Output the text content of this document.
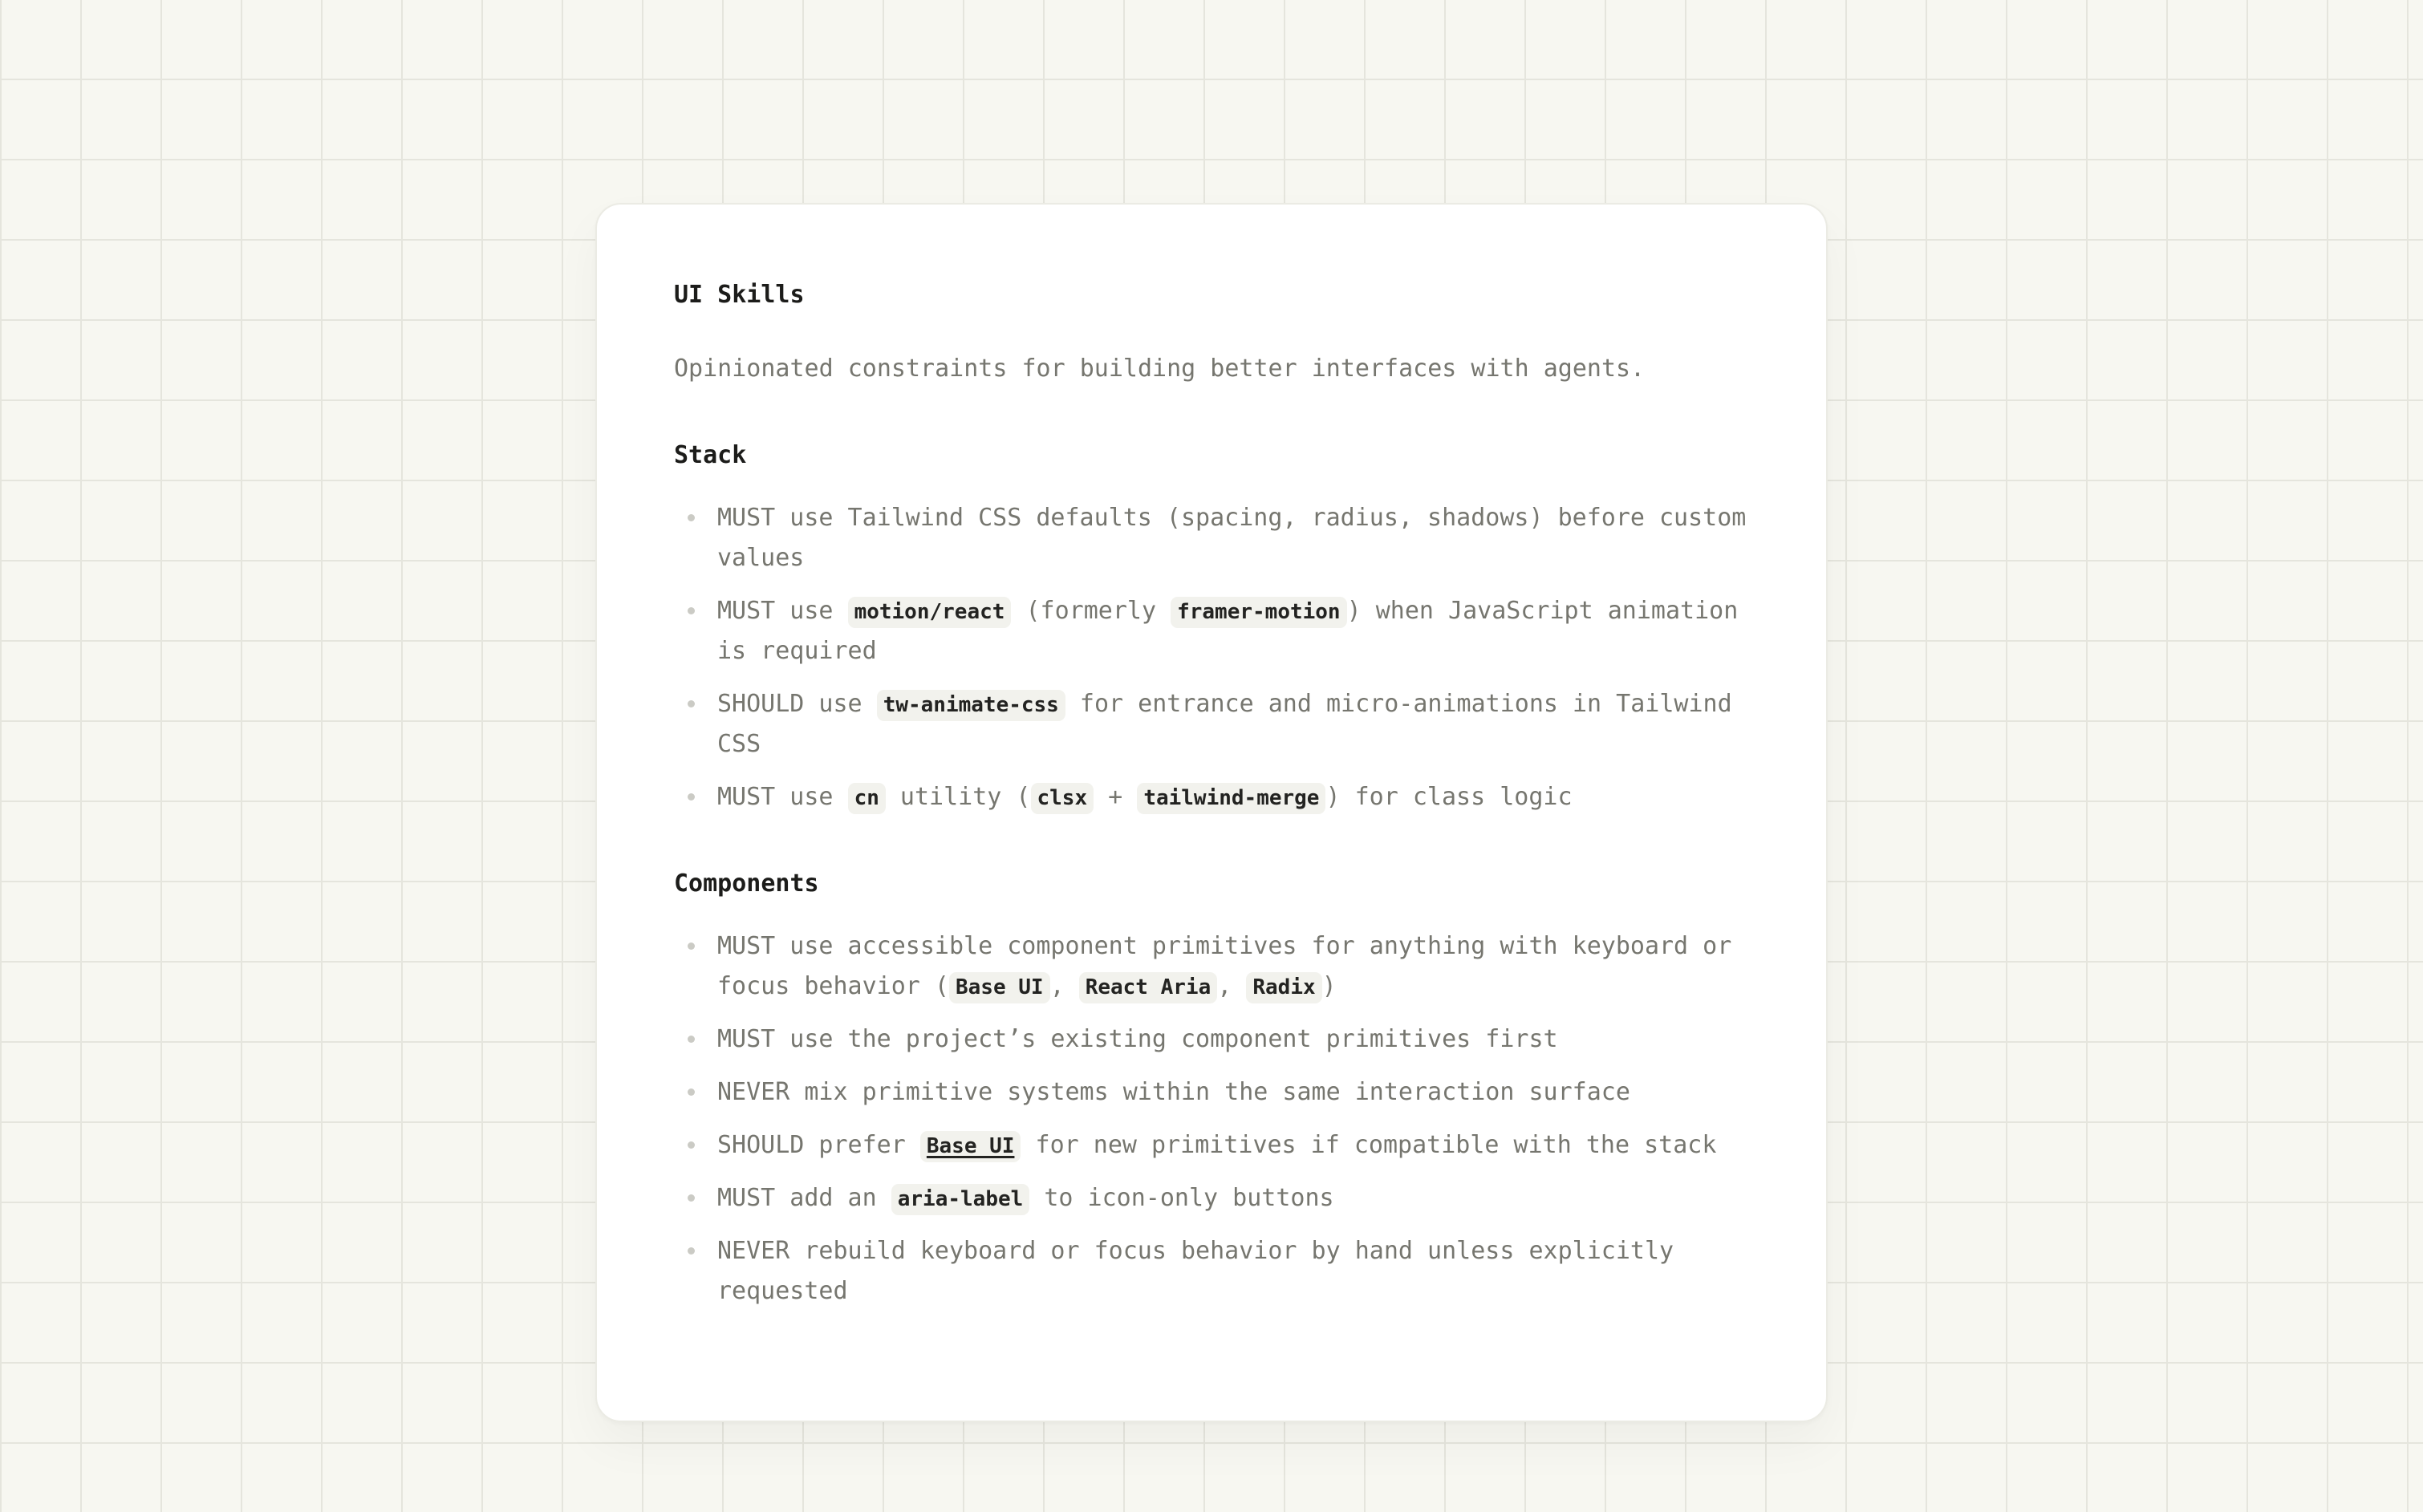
UI Skills

Opinionated constraints for building better interfaces with agents.

Stack
MUST use Tailwind CSS defaults (spacing, radius, shadows) before custom values
MUST use motion/react (formerly framer-motion ) when JavaScript animation is required
SHOULD use tw-animate-css for entrance and micro-animations in Tailwind CSS
MUST use cn utility ( clsx + tailwind-merge ) for class logic
Components
MUST use accessible component primitives for anything with keyboard or focus behavior ( Base UI , React Aria , Radix )
MUST use the project’s existing component primitives first
NEVER mix primitive systems within the same interaction surface
SHOULD prefer Base UI for new primitives if compatible with the stack
MUST add an aria-label to icon-only buttons
NEVER rebuild keyboard or focus behavior by hand unless explicitly requested
